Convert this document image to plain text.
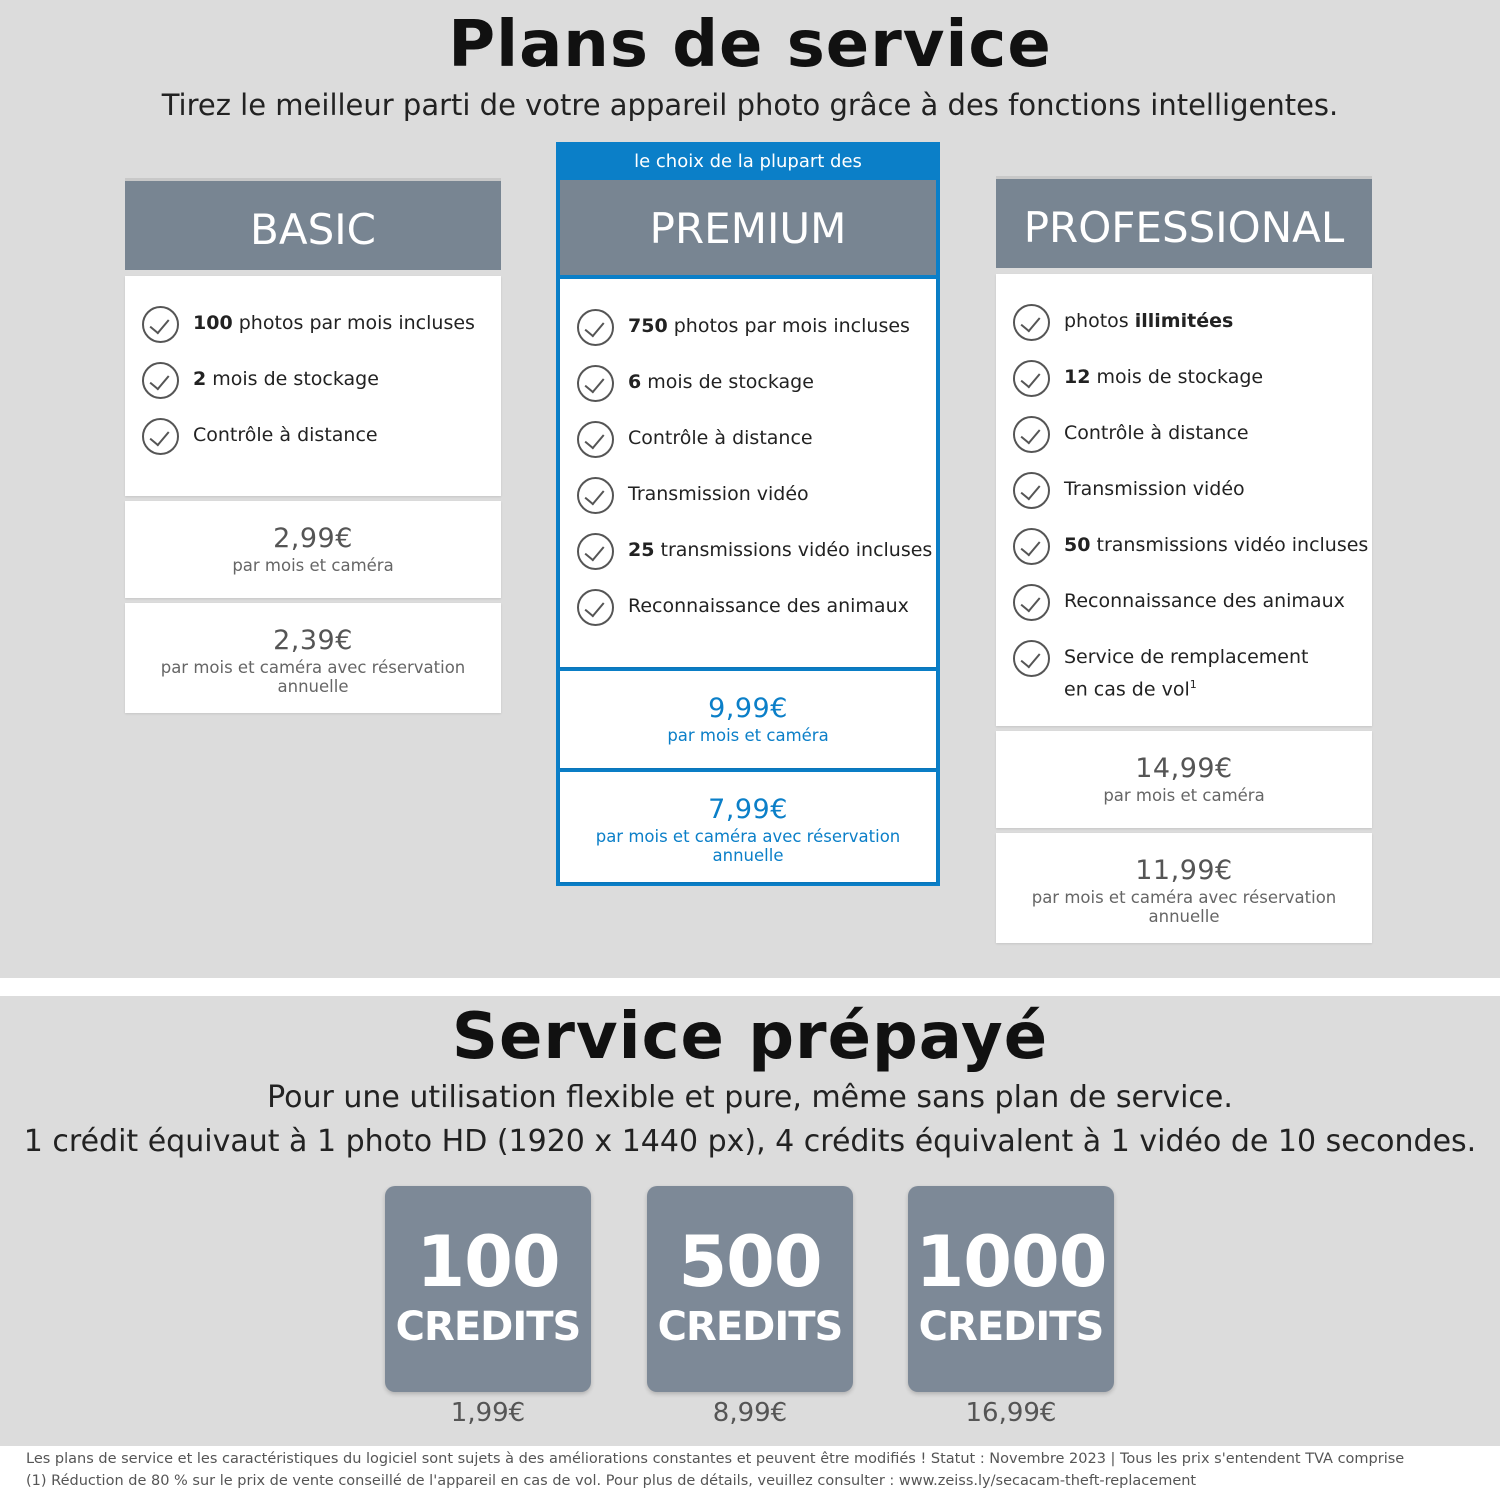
Plans de service
Tirez le meilleur parti de votre appareil photo grâce à des fonctions intelligentes.
BASIC
100 photos par mois incluses
2 mois de stockage
Contrôle à distance
2,99€
par mois et caméra
2,39€
par mois et caméra avec réservation annuelle
le choix de la plupart des
PREMIUM
750 photos par mois incluses
6 mois de stockage
Contrôle à distance
Transmission vidéo
25 transmissions vidéo incluses
Reconnaissance des animaux
9,99€
par mois et caméra
7,99€
par mois et caméra avec réservation annuelle
PROFESSIONAL
photos illimitées
12 mois de stockage
Contrôle à distance
Transmission vidéo
50 transmissions vidéo incluses
Reconnaissance des animaux
Service de remplacement en cas de vol$^1$
14,99€
par mois et caméra
11,99€
par mois et caméra avec réservation annuelle
Service prépayé
Pour une utilisation flexible et pure, même sans plan de service.
1 crédit équivaut à 1 photo HD (1920 x 1440 px), 4 crédits équivalent à 1 vidéo de 10 secondes.
100
CREDITS
1,99€
500
CREDITS
8,99€
1000
CREDITS
16,99€
Les plans de service et les caractéristiques du logiciel sont sujets à des améliorations constantes et peuvent être modifiés ! Statut : Novembre 2023 | Tous les prix s'entendent TVA comprise
(1) Réduction de 80 % sur le prix de vente conseillé de l'appareil en cas de vol. Pour plus de détails, veuillez consulter : www.zeiss.ly/secacam-theft-replacement
